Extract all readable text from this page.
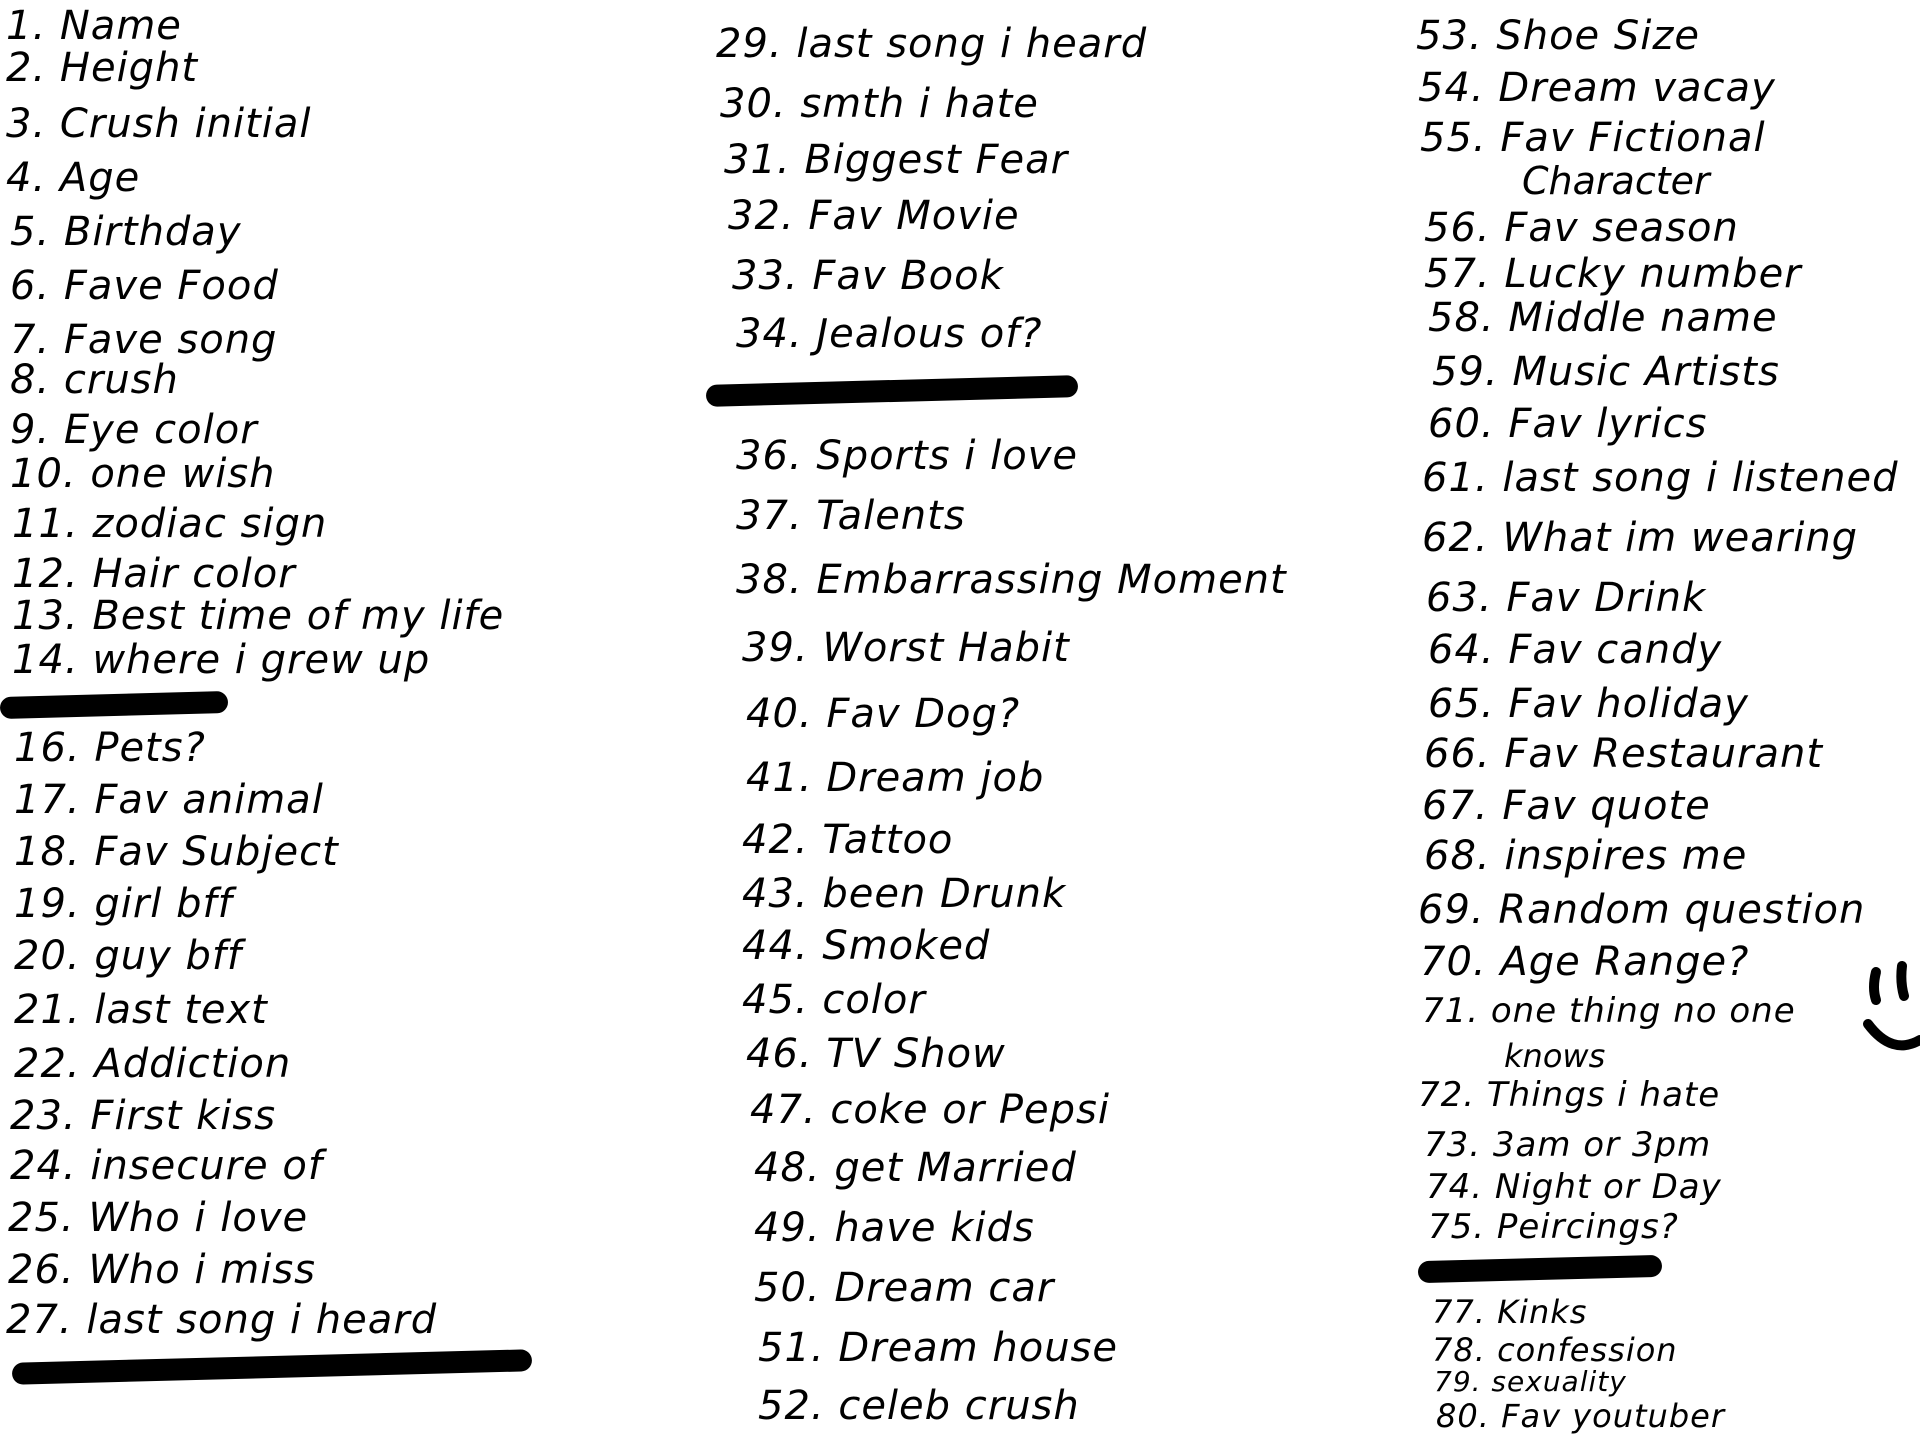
1. Name
2. Height
3. Crush initial
4. Age
5. Birthday
6. Fave Food
7. Fave song
8. crush
9. Eye color
10. one wish
11. zodiac sign
12. Hair color
13. Best time of my life
14. where i grew up
16. Pets?
17. Fav animal
18. Fav Subject
19. girl bff
20. guy bff
21. last text
22. Addiction
23. First kiss
24. insecure of
25. Who i love
26. Who i miss
27. last song i heard
29. last song i heard
30. smth i hate
31. Biggest Fear
32. Fav Movie
33. Fav Book
34. Jealous of?
36. Sports i love
37. Talents
38. Embarrassing Moment
39. Worst Habit
40. Fav Dog?
41. Dream job
42. Tattoo
43. been Drunk
44. Smoked
45. color
46. TV Show
47. coke or Pepsi
48. get Married
49. have kids
50. Dream car
51. Dream house
52. celeb crush
53. Shoe Size
54. Dream vacay
55. Fav Fictional
Character
56. Fav season
57. Lucky number
58. Middle name
59. Music Artists
60. Fav lyrics
61. last song i listened
62. What im wearing
63. Fav Drink
64. Fav candy
65. Fav holiday
66. Fav Restaurant
67. Fav quote
68. inspires me
69. Random question
70. Age Range?
71. one thing no one
knows
72. Things i hate
73. 3am or 3pm
74. Night or Day
75. Peircings?
77. Kinks
78. confession
79. sexuality
80. Fav youtuber
